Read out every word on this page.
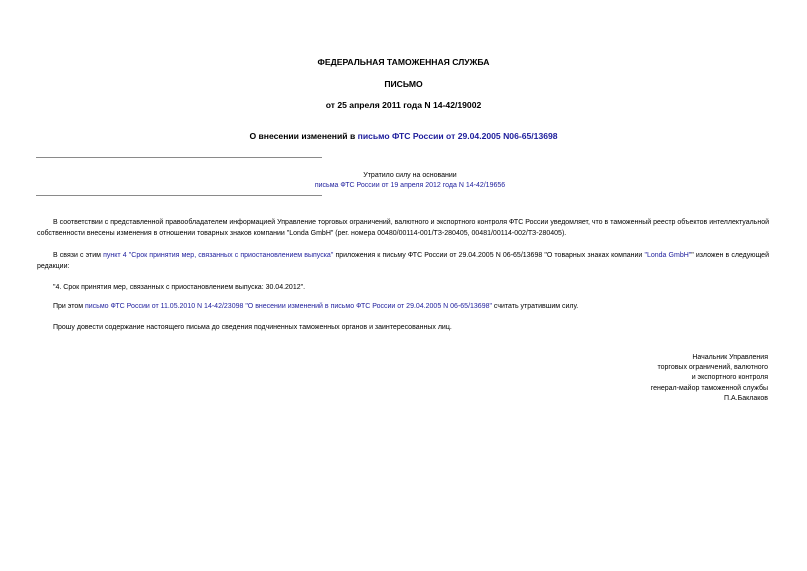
ФЕДЕРАЛЬНАЯ ТАМОЖЕННАЯ СЛУЖБА
ПИСЬМО
от 25 апреля 2011 года N 14-42/19002
О внесении изменений в письмо ФТС России от 29.04.2005 N06-65/13698
Утратило силу на основании
письма ФТС России от 19 апреля 2012 года N 14-42/19656
В соответствии с представленной правообладателем информацией Управление торговых ограничений, валютного и экспортного контроля ФТС России уведомляет, что в таможенный реестр объектов интеллектуальной собственности внесены изменения в отношении товарных знаков компании "Londa GmbH" (рег. номера 00480/00114-001/ТЗ-280405, 00481/00114-002/ТЗ-280405).
В связи с этим пункт 4 "Срок принятия мер, связанных с приостановлением выпуска" приложения к письму ФТС России от 29.04.2005 N 06-65/13698 "О товарных знаках компании "Londa GmbH"" изложен в следующей редакции:
"4. Срок принятия мер, связанных с приостановлением выпуска: 30.04.2012".
При этом письмо ФТС России от 11.05.2010 N 14-42/23098 "О внесении изменений в письмо ФТС России от 29.04.2005 N 06-65/13698" считать утратившим силу.
Прошу довести содержание настоящего письма до сведения подчиненных таможенных органов и заинтересованных лиц.
Начальник Управления
торговых ограничений, валютного
и экспортного контроля
генерал-майор таможенной службы
П.А.Баклаков
